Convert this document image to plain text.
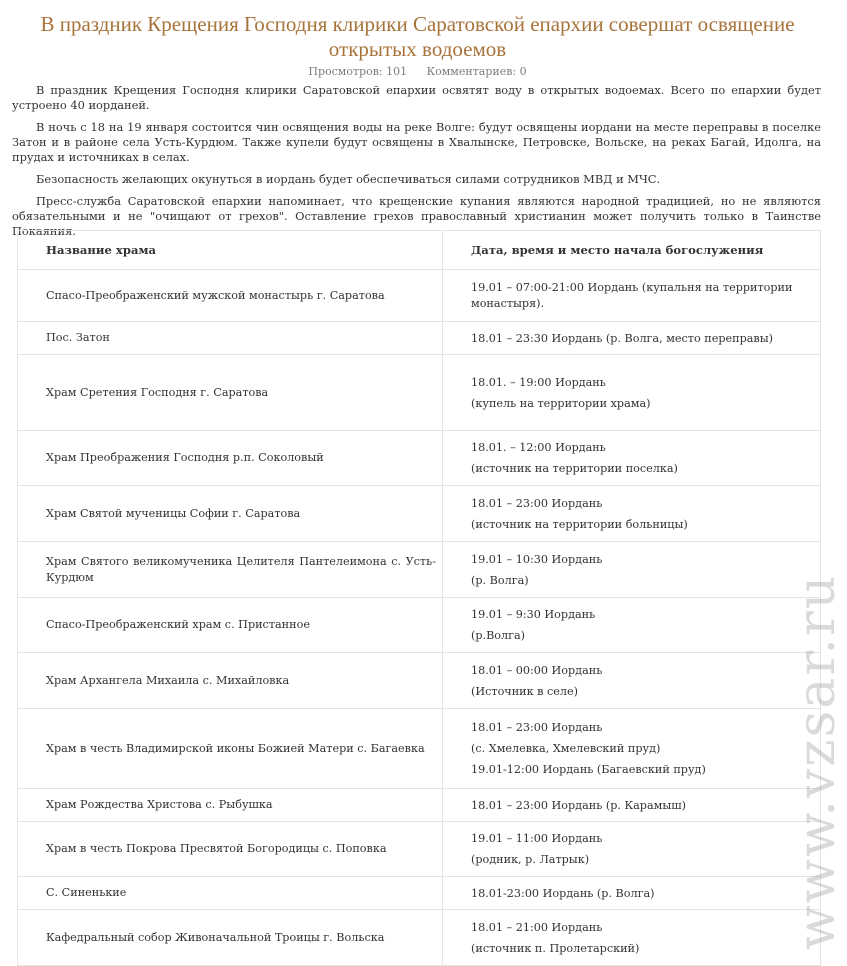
В праздник Крещения Господня клирики Саратовской епархии совершат освящение открытых водоемов
Просмотров: 101 Комментариев: 0

В праздник Крещения Господня клирики Саратовской епархии освятят воду в открытых водоемах. Всего по епархии будет устроено 40 иорданей.

В ночь с 18 на 19 января состоится чин освящения воды на реке Волге: будут освящены иордани на месте переправы в поселке Затон и в районе села Усть-Курдюм. Также купели будут освящены в Хвалынске, Петровске, Вольске, на реках Багай, Идолга, на прудах и источниках в селах.

Безопасность желающих окунуться в иордань будет обеспечиваться силами сотрудников МВД и МЧС.

Пресс-служба Саратовской епархии напоминает, что крещенские купания являются народной традицией, но не являются обязательными и не "очищают от грехов". Оставление грехов православный христианин может получить только в Таинстве Покаяния.

Название храма	Дата, время и место начала богослужения

Спасо-Преображенский мужской монастырь г. Саратова	19.01 – 07:00-21:00 Иордань (купальня на территории монастыря).

Пос. Затон	18.01 – 23:30 Иордань (р. Волга, место переправы)

Храм Сретения Господня г. Саратова	18.01. – 19:00 Иордань
(купель на территории храма)

Храм Преображения Господня р.п. Соколовый	18.01. – 12:00 Иордань
(источник на территории поселка)

Храм Святой мученицы Софии г. Саратова	18.01 – 23:00 Иордань
(источник на территории больницы)

Храм Святого великомученика Целителя Пантелеимона с. Усть-Курдюм	19.01 – 10:30 Иордань
(р. Волга)

Спасо-Преображенский храм с. Пристанное	19.01 – 9:30 Иордань
(р.Волга)

Храм Архангела Михаила с. Михайловка	18.01 – 00:00 Иордань
(Источник в селе)

Храм в честь Владимирской иконы Божией Матери с. Багаевка	18.01 – 23:00 Иордань
(с. Хмелевка, Хмелевский пруд)
19.01-12:00 Иордань (Багаевский пруд)

Храм Рождества Христова с. Рыбушка	18.01 – 23:00 Иордань (р. Карамыш)

Храм в честь Покрова Пресвятой Богородицы с. Поповка	19.01 – 11:00 Иордань
(родник, р. Латрык)

С. Синенькие	18.01-23:00 Иордань (р. Волга)

Кафедральный собор Живоначальной Троицы г. Вольска	18.01 – 21:00 Иордань
(источник п. Пролетарский)	www.vzsar.ru
